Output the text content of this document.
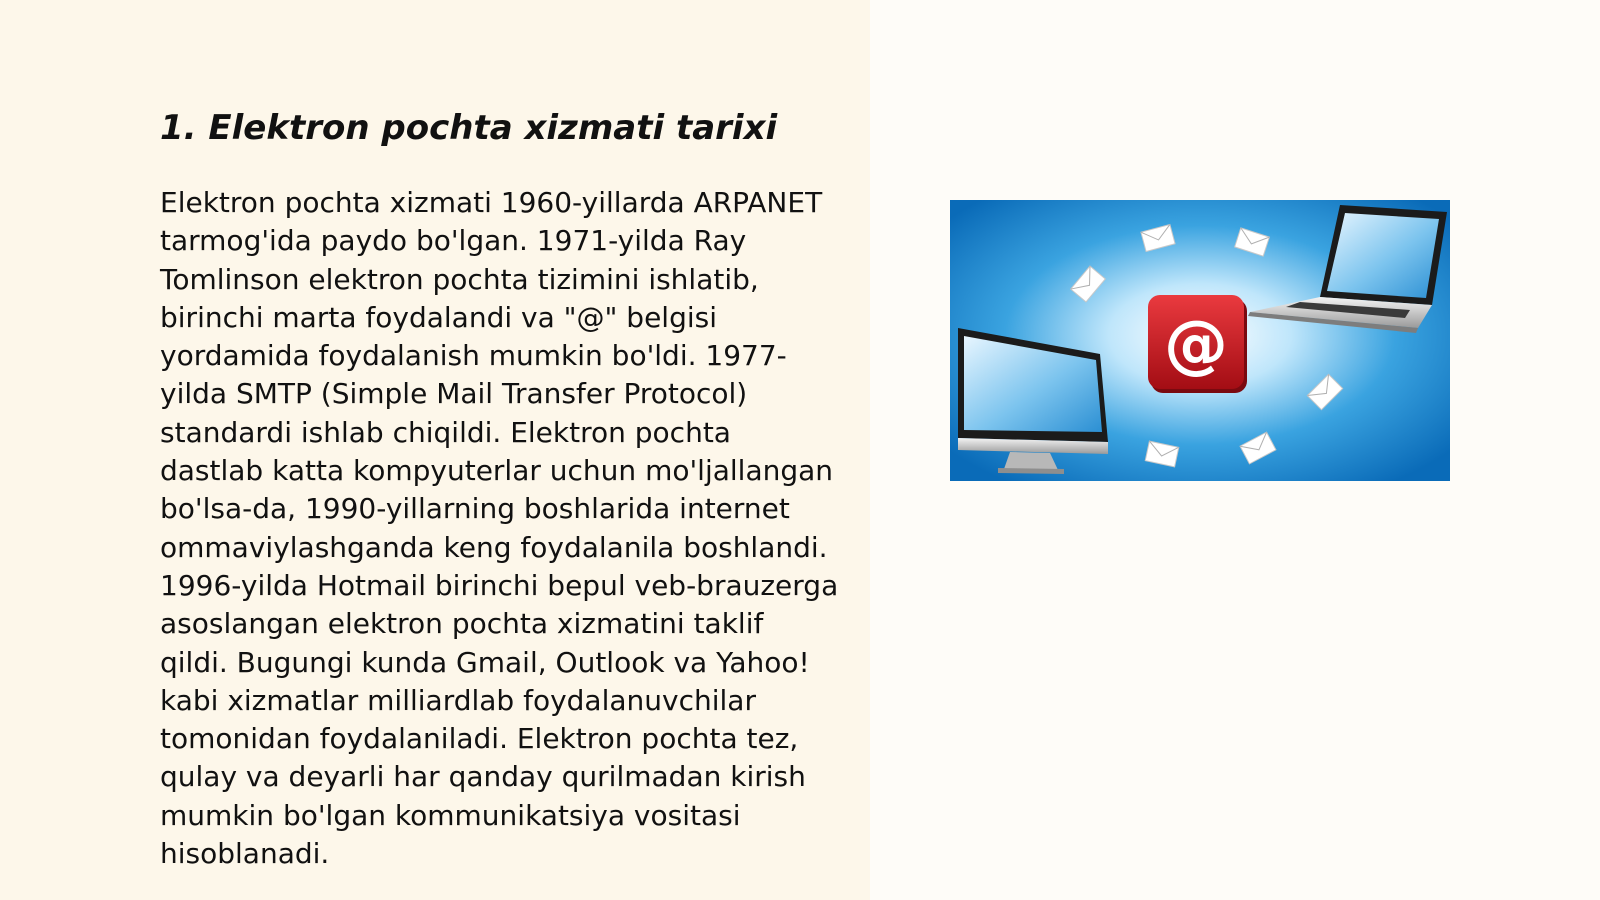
1. Elektron pochta xizmati tarixi

Elektron pochta xizmati 1960-yillarda ARPANET tarmog'ida paydo bo'lgan. 1971-yilda Ray Tomlinson elektron pochta tizimini ishlatib, birinchi marta foydalandi va "@" belgisi yordamida foydalanish mumkin bo'ldi. 1977-yilda SMTP (Simple Mail Transfer Protocol) standardi ishlab chiqildi. Elektron pochta dastlab katta kompyuterlar uchun mo'ljallangan bo'lsa-da, 1990-yillarning boshlarida internet ommaviylashganda keng foydalanila boshlandi. 1996-yilda Hotmail birinchi bepul veb-brauzerga asoslangan elektron pochta xizmatini taklif qildi. Bugungi kunda Gmail, Outlook va Yahoo! kabi xizmatlar milliardlab foydalanuvchilar tomonidan foydalaniladi. Elektron pochta tez, qulay va deyarli har qanday qurilmadan kirish mumkin bo'lgan kommunikatsiya vositasi hisoblanadi.

@
